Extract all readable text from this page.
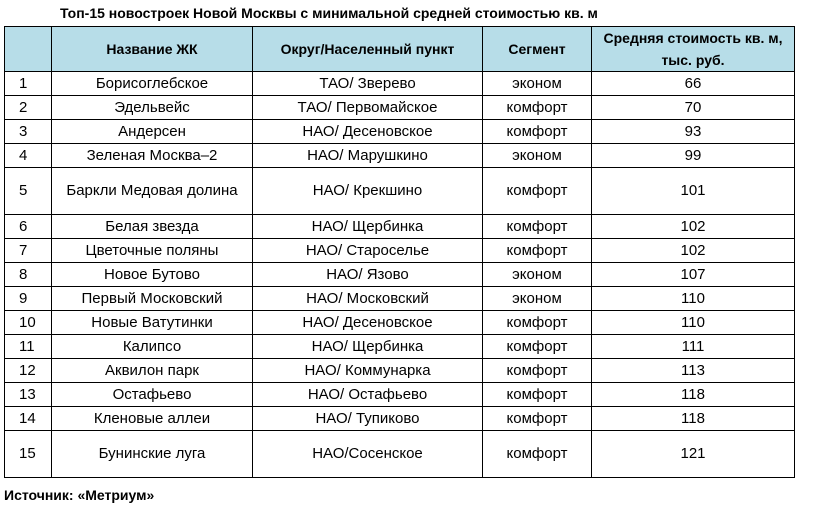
Топ-15 новостроек Новой Москвы с минимальной средней стоимостью кв. м
	Название ЖК	Округ/Населенный пункт	Сегмент	Средняя стоимость кв. м, тыс. руб.
1	Борисоглебское	ТАО/ Зверево	эконом	66
2	Эдельвейс	ТАО/ Первомайское	комфорт	70
3	Андерсен	НАО/ Десеновское	комфорт	93
4	Зеленая Москва–2	НАО/ Марушкино	эконом	99
5	Баркли Медовая долина	НАО/ Крекшино	комфорт	101
6	Белая звезда	НАО/ Щербинка	комфорт	102
7	Цветочные поляны	НАО/ Староселье	комфорт	102
8	Новое Бутово	НАО/ Язово	эконом	107
9	Первый Московский	НАО/ Московский	эконом	110
10	Новые Ватутинки	НАО/ Десеновское	комфорт	110
11	Калипсо	НАО/ Щербинка	комфорт	111
12	Аквилон парк	НАО/ Коммунарка	комфорт	113
13	Остафьево	НАО/ Остафьево	комфорт	118
14	Кленовые аллеи	НАО/ Тупиково	комфорт	118
15	Бунинские луга	НАО/Сосенское	комфорт	121
Источник: «Метриум»
